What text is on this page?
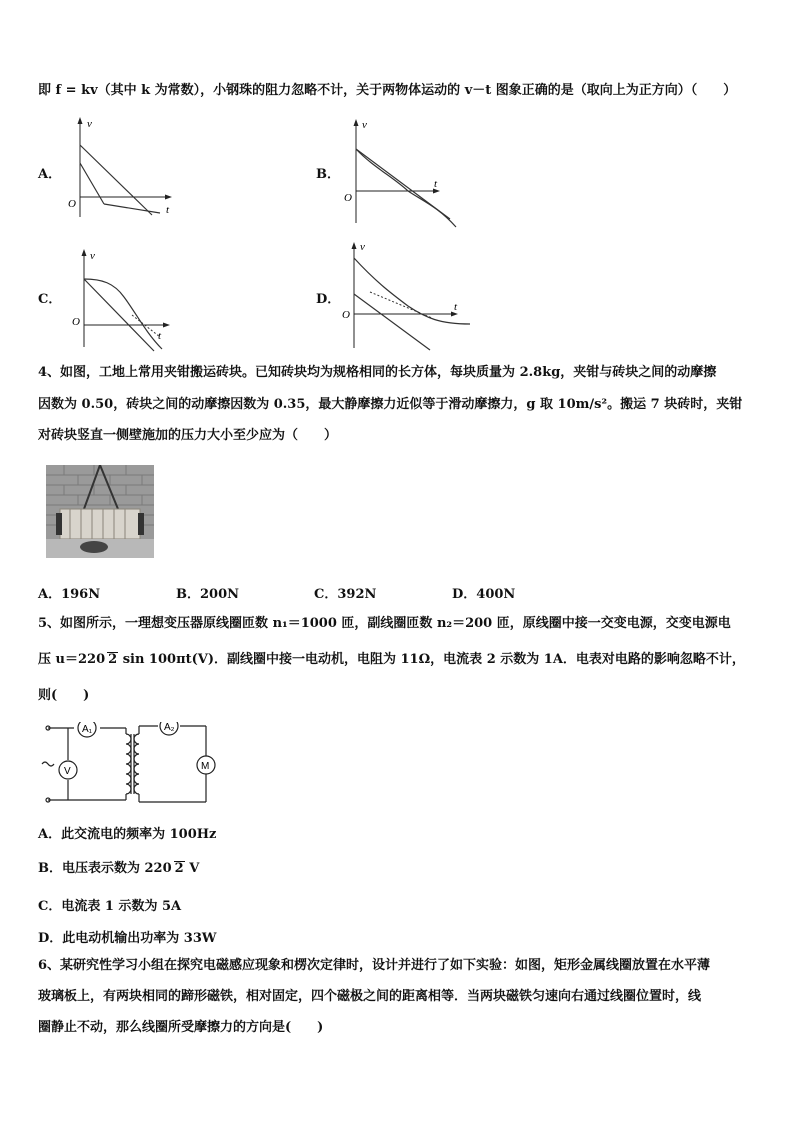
即 f = kv（其中 k 为常数），小钢珠的阻力忽略不计，关于两物体运动的 v－t 图象正确的是（取向上为正方向）（　　）
A．
v
t
O
B．
v
t
O
C．
v
t
O
D．
v
t
O
4、如图，工地上常用夹钳搬运砖块。已知砖块均为规格相同的长方体，每块质量为 2.8kg，夹钳与砖块之间的动摩擦
因数为 0.50，砖块之间的动摩擦因数为 0.35，最大静摩擦力近似等于滑动摩擦力，g 取 10m/s²。搬运 7 块砖时，夹钳
对砖块竖直一侧壁施加的压力大小至少应为（　　）
A．196N	B．200N	C．392N	D．400N
5、如图所示，一理想变压器原线圈匝数 n₁＝1000 匝，副线圈匝数 n₂＝200 匝，原线圈中接一交变电源，交变电源电
压 u＝220 2 sin 100πt(V)．副线圈中接一电动机，电阻为 11Ω，电流表 2 示数为 1A．电表对电路的影响忽略不计，
则(　　)
A₁
V
A₂
M
A．此交流电的频率为 100Hz
B．电压表示数为 220 2 V
C．电流表 1 示数为 5A
D．此电动机输出功率为 33W
6、某研究性学习小组在探究电磁感应现象和楞次定律时，设计并进行了如下实验：如图，矩形金属线圈放置在水平薄
玻璃板上，有两块相同的蹄形磁铁，相对固定，四个磁极之间的距离相等．当两块磁铁匀速向右通过线圈位置时，线
圈静止不动，那么线圈所受摩擦力的方向是(　　)
